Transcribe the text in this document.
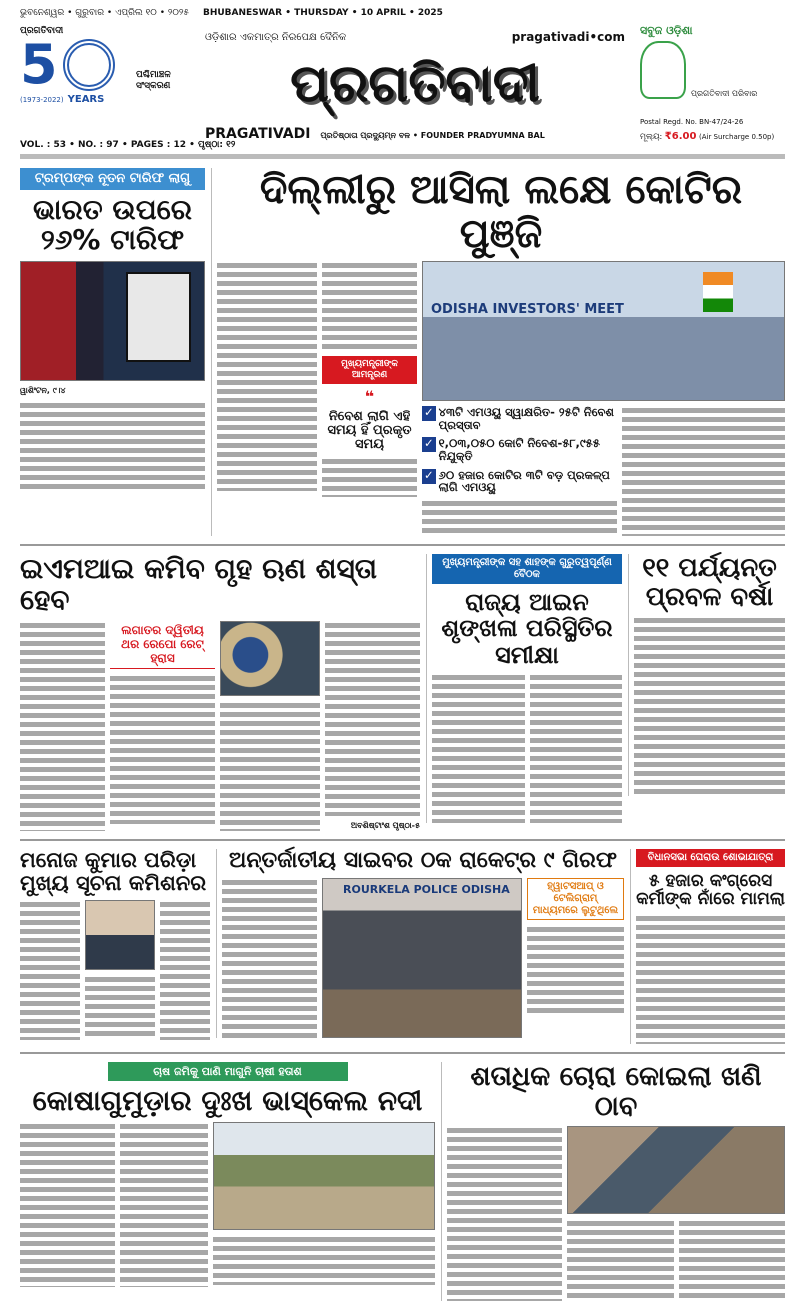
ଭୁବନେଶ୍ୱର • ଗୁରୁବାର • ଏପ୍ରିଲ ୧୦ • ୨୦୨୫ BHUBANESWAR • THURSDAY • 10 APRIL • 2025
ପ୍ରଗତିବାଦୀ
5
(1973-2022) YEARS
ପଶ୍ଚିମାଞ୍ଚଳ ସଂସ୍କରଣ
VOL. : 53 • NO. : 97 • PAGES : 12 • ପୃଷ୍ଠା: ୧୨
ଓଡ଼ିଶାର ଏକମାତ୍ର ନିରପେକ୍ଷ ଦୈନିକ	pragativadi•com
ପ୍ରଗତିବାଦୀ
PRAGATIVADI ପ୍ରତିଷ୍ଠାତା ପ୍ରଦ୍ୟୁମ୍ନ ବଳ • FOUNDER PRADYUMNA BAL
ସବୁଜ ଓଡ଼ିଶା
ପ୍ରଗତିବାଦୀ ପରିବାର
Postal Regd. No. BN-47/24-26
ମୂଲ୍ୟ: ₹6.00 (Air Surcharge 0.50p)
ଟ୍ରମ୍ପଙ୍କ ନୂତନ ଟାରିଫ ଲାଗୁ
ଭାରତ ଉପରେ ୨୬% ଟାରିଫ
ୱାଶିଂଟନ, ୯।୪
ଦିଲ୍ଲୀରୁ ଆସିଲା ଲକ୍ଷେ କୋଟିର ପୁଞ୍ଜି
ମୁଖ୍ୟମନ୍ତ୍ରୀଙ୍କ ଆମନ୍ତ୍ରଣ
❝
ନିବେଶ ଲାଗି ଏହି ସମୟ ହିଁ ପ୍ରକୃତ ସମୟ
ODISHA INVESTORS' MEET
✓ ୪୩ଟି ଏମଓୟୁ ସ୍ୱାକ୍ଷରିତ- ୨୫ଟି ନିବେଶ ପ୍ରସ୍ତାବ
✓ ୧,୦୩,୦୫୦ କୋଟି ନିବେଶ-୫୮,୯୫୫ ନିଯୁକ୍ତି
✓ ୬୦ ହଜାର କୋଟିର ୩ଟି ବଡ଼ ପ୍ରକଳ୍ପ ଲାଗି ଏମଓୟୁ
ଇଏମଆଇ କମିବ ଗୃହ ଋଣ ଶସ୍ତା ହେବ
ଲଗାତର ଦ୍ୱିତୀୟ ଥର ରେପୋ ରେଟ୍ ହ୍ରାସ
ଅବଶିଷ୍ଟାଂଶ ପୃଷ୍ଠା-୫
ମୁଖ୍ୟମନ୍ତ୍ରୀଙ୍କ ସହ ଶାହଙ୍କ ଗୁରୁତ୍ୱପୂର୍ଣ୍ଣ ବୈଠକ
ରାଜ୍ୟ ଆଇନ ଶୃଙ୍ଖଳା ପରିସ୍ଥିତିର ସମୀକ୍ଷା
୧୧ ପର୍ଯ୍ୟନ୍ତ ପ୍ରବଳ ବର୍ଷା
ମନୋଜ କୁମାର ପରିଡ଼ା ମୁଖ୍ୟ ସୂଚନା କମିଶନର
ଅନ୍ତର୍ଜାତୀୟ ସାଇବର ଠକ ରାକେଟ୍‌ର ୯ ଗିରଫ
ROURKELA POLICE ODISHA	ହ୍ୱାଟସଆପ୍ ଓ ଟେଲିଗ୍ରାମ୍ ମାଧ୍ୟମରେ ଲୁଟୁଥିଲେ
ବିଧାନସଭା ଘେରାଉ ଶୋଭାଯାତ୍ରା
୫ ହଜାର କଂଗ୍ରେସ କର୍ମୀଙ୍କ ନାଁରେ ମାମଲା
ଚାଷ ଜମିକୁ ପାଣି ମାଗୁନି ଚାଷୀ ହତାଶ
କୋଷାଗୁମୁଡ଼ାର ଦୁଃଖ ଭାସ୍କେଲ ନଦୀ
ଶତାଧିକ ଚୋରା କୋଇଲା ଖଣି ଠାବ
